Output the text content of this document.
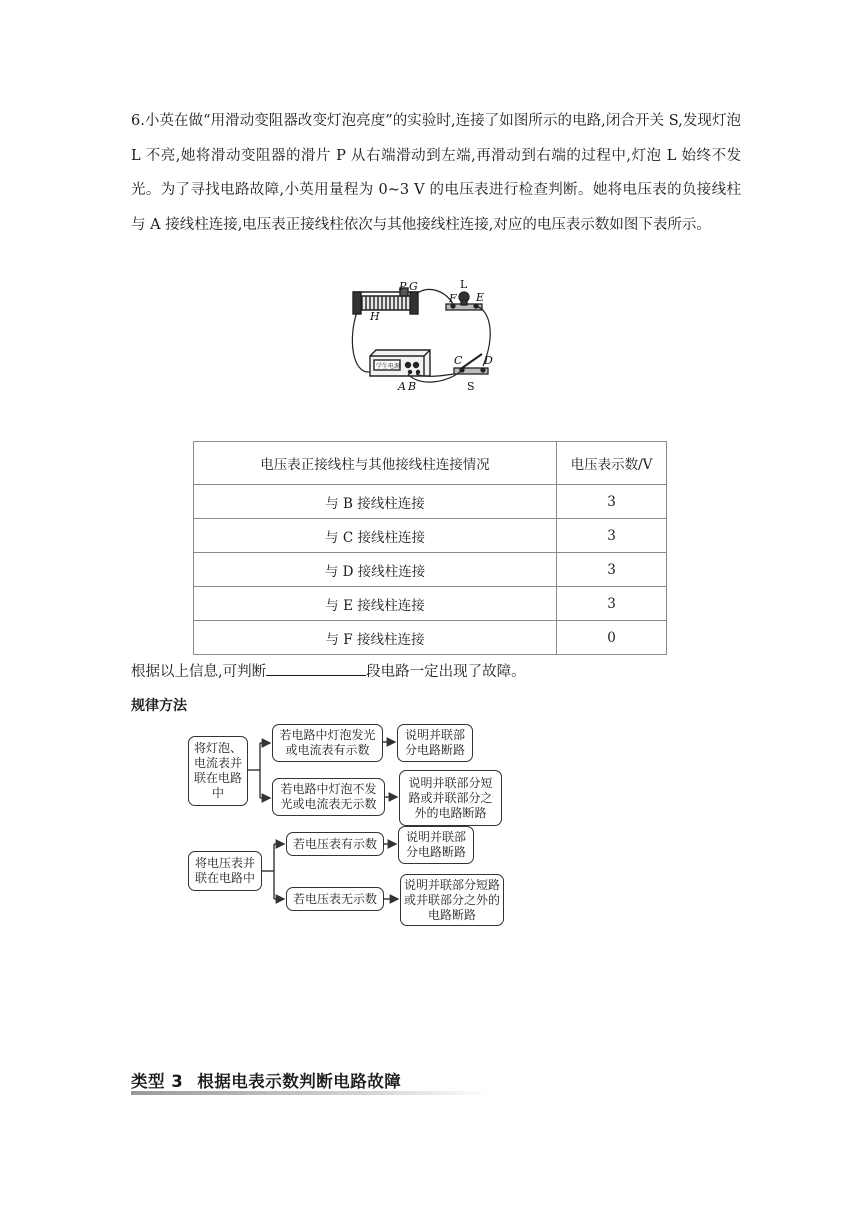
6.小英在做“用滑动变阻器改变灯泡亮度”的实验时,连接了如图所示的电路,闭合开关 S,发现灯泡 L 不亮,她将滑动变阻器的滑片 P 从右端滑动到左端,再滑动到右端的过程中,灯泡 L 始终不发光。为了寻找电路故障,小英用量程为 0~3 V 的电压表进行检查判断。她将电压表的负接线柱与 A 接线柱连接,电压表正接线柱依次与其他接线柱连接,对应的电压表示数如图下表所示。
学生电源
P G	L
F E
H
C D
A B	S
电压表正接线柱与其他接线柱连接情况	电压表示数/V
与 B 接线柱连接	3
与 C 接线柱连接	3
与 D 接线柱连接	3
与 E 接线柱连接	3
与 F 接线柱连接	0
根据以上信息,可判断	段电路一定出现了故障。
规律方法
将灯泡、电流表并联在电路中
若电路中灯泡发光或电流表有示数
说明并联部分电路断路
若电路中灯泡不发光或电流表无示数
说明并联部分短路或并联部分之外的电路断路
将电压表并联在电路中
若电压表有示数	说明并联部分电路断路
若电压表无示数
说明并联部分短路或并联部分之外的电路断路
类型 3 根据电表示数判断电路故障
